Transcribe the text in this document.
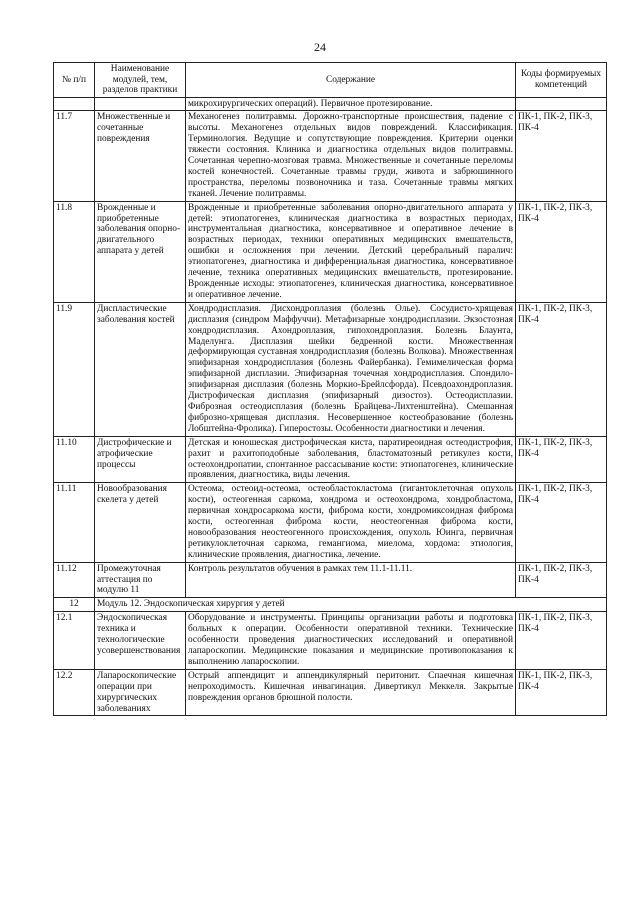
24
№ п/п	Наименование модулей, тем, разделов практики	Содержание	Коды формируемых компетенций
		микрохирургических операций). Первичное протезирование.	
11.7	Множественные и сочетанные повреждения	Механогенез политравмы. Дорожно-транспортные происшествия, падение с высоты. Механогенез отдельных видов повреждений. Классификация. Терминология. Ведущие и сопутствующие повреждения. Критерии оценки тяжести состояния. Клиника и диагностика отдельных видов политравмы. Сочетанная черепно-мозговая травма. Множественные и сочетанные переломы костей конечностей. Сочетанные травмы груди, живота и забрюшинного пространства, переломы позвоночника и таза. Сочетанные травмы мягких тканей. Лечение политравмы.	ПК-1, ПК-2, ПК-3, ПК-4
11.8	Врожденные и приобретенные заболевания опорно-двигательного аппарата у детей	Врожденные и приобретенные заболевания опорно-двигательного аппарата у детей: этиопатогенез, клиническая диагностика в возрастных периодах, инструментальная диагностика, консервативное и оперативное лечение в возрастных периодах, техники оперативных медицинских вмешательств, ошибки и осложнения при лечении. Детский церебральный паралич: этиопатогенез, диагностика и дифференциальная диагностика, консервативное лечение, техника оперативных медицинских вмешательств, протезирование. Врожденные исходы: этиопатогенез, клиническая диагностика, консервативное и оперативное лечение.	ПК-1, ПК-2, ПК-3, ПК-4
11.9	Диспластические заболевания костей	Хондродисплазия. Дисхондроплазия (болезнь Олье). Сосудисто-хрящевая дисплазия (синдром Маффуччи). Метафизарные хондродисплазии. Экзостозная хондродисплазия. Ахондроплазия, гипохондроплазия. Болезнь Блаунта, Маделунга. Дисплазия шейки бедренной кости. Множественная деформирующая суставная хондродисплазия (болезнь Волкова). Множественная эпифизарная хондродисплазия (болезнь Файербанка). Гемимелическая форма эпифизарной дисплазии. Эпифизарная точечная хондродисплазия. Спондило-эпифизарная дисплазия (болезнь Моркио-Брейлсфорда). Псевдоахондроплазия. Дистрофическая дисплазия (эпифизарный дизостоз). Остеодисплазии. Фиброзная остеодисплазия (болезнь Брайцева-Лихтенштейна). Смешанная фиброзно-хрящевая дисплазия. Несовершенное костеобразование (болезнь Лобштейна-Фролика). Гиперостозы. Особенности диагностики и лечения.	ПК-1, ПК-2, ПК-3, ПК-4
11.10	Дистрофические и атрофические процессы	Детская и юношеская дистрофическая киста, паратиреоидная остеодистрофия, рахит и рахитоподобные заболевания, бластоматозный ретикулез кости, остеохондропатии, спонтанное рассасывание кости: этиопатогенез, клинические проявления, диагностика, виды лечения.	ПК-1, ПК-2, ПК-3, ПК-4
11.11	Новообразования скелета у детей	Остеома, остеоид-остеома, остеобластокластома (гигантоклеточная опухоль кости), остеогенная саркома, хондрома и остеохондрома, хондробластома, первичная хондросаркома кости, фиброма кости, хондромиксоидная фиброма кости, остеогенная фиброма кости, неостеогенная фиброма кости, новообразования неостеогенного происхождения, опухоль Юинга, первичная ретикулоклеточная саркома, гемангиома, миелома, хордома: этиология, клинические проявления, диагностика, лечение.	ПК-1, ПК-2, ПК-3, ПК-4
11.12	Промежуточная аттестация по модулю 11	Контроль результатов обучения в рамках тем 11.1-11.11.	ПК-1, ПК-2, ПК-3, ПК-4
12	Модуль 12. Эндоскопическая хирургия у детей		
12.1	Эндоскопическая техника и технологические усовершенствования	Оборудование и инструменты. Принципы организации работы и подготовка больных к операции. Особенности оперативной техники. Технические особенности проведения диагностических исследований и оперативной лапароскопии. Медицинские показания и медицинские противопоказания к выполнению лапароскопии.	ПК-1, ПК-2, ПК-3, ПК-4
12.2	Лапароскопические операции при хирургических заболеваниях	Острый аппендицит и аппендикулярный перитонит. Спаечная кишечная непроходимость. Кишечная инвагинация. Дивертикул Меккеля. Закрытые повреждения органов брюшной полости.	ПК-1, ПК-2, ПК-3, ПК-4
